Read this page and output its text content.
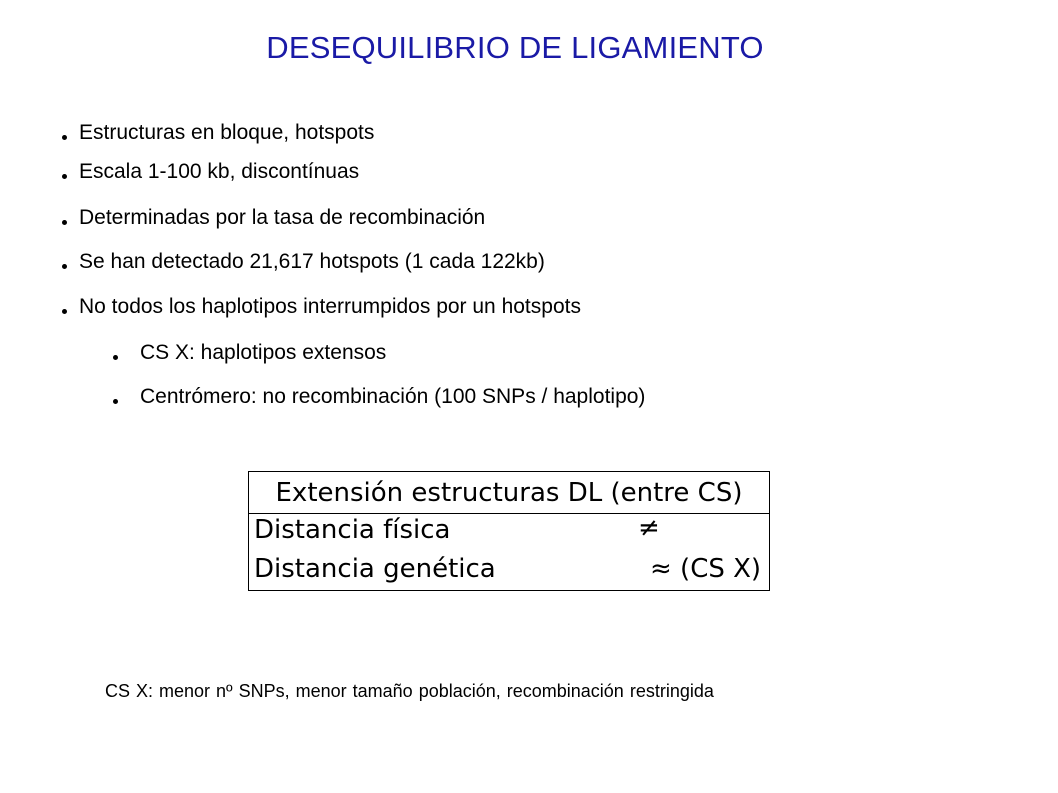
DESEQUILIBRIO DE LIGAMIENTO
Estructuras en bloque, hotspots
Escala 1-100 kb, discontínuas
Determinadas por la tasa de recombinación
Se han detectado 21,617 hotspots (1 cada 122kb)
No todos los haplotipos interrumpidos por un hotspots
CS X: haplotipos extensos
Centrómero: no recombinación (100 SNPs / haplotipo)
Extensión estructuras DL (entre CS)
Distancia física	≠
Distancia genética	≈ (CS X)
CS X: menor nº SNPs, menor tamaño población, recombinación restringida
